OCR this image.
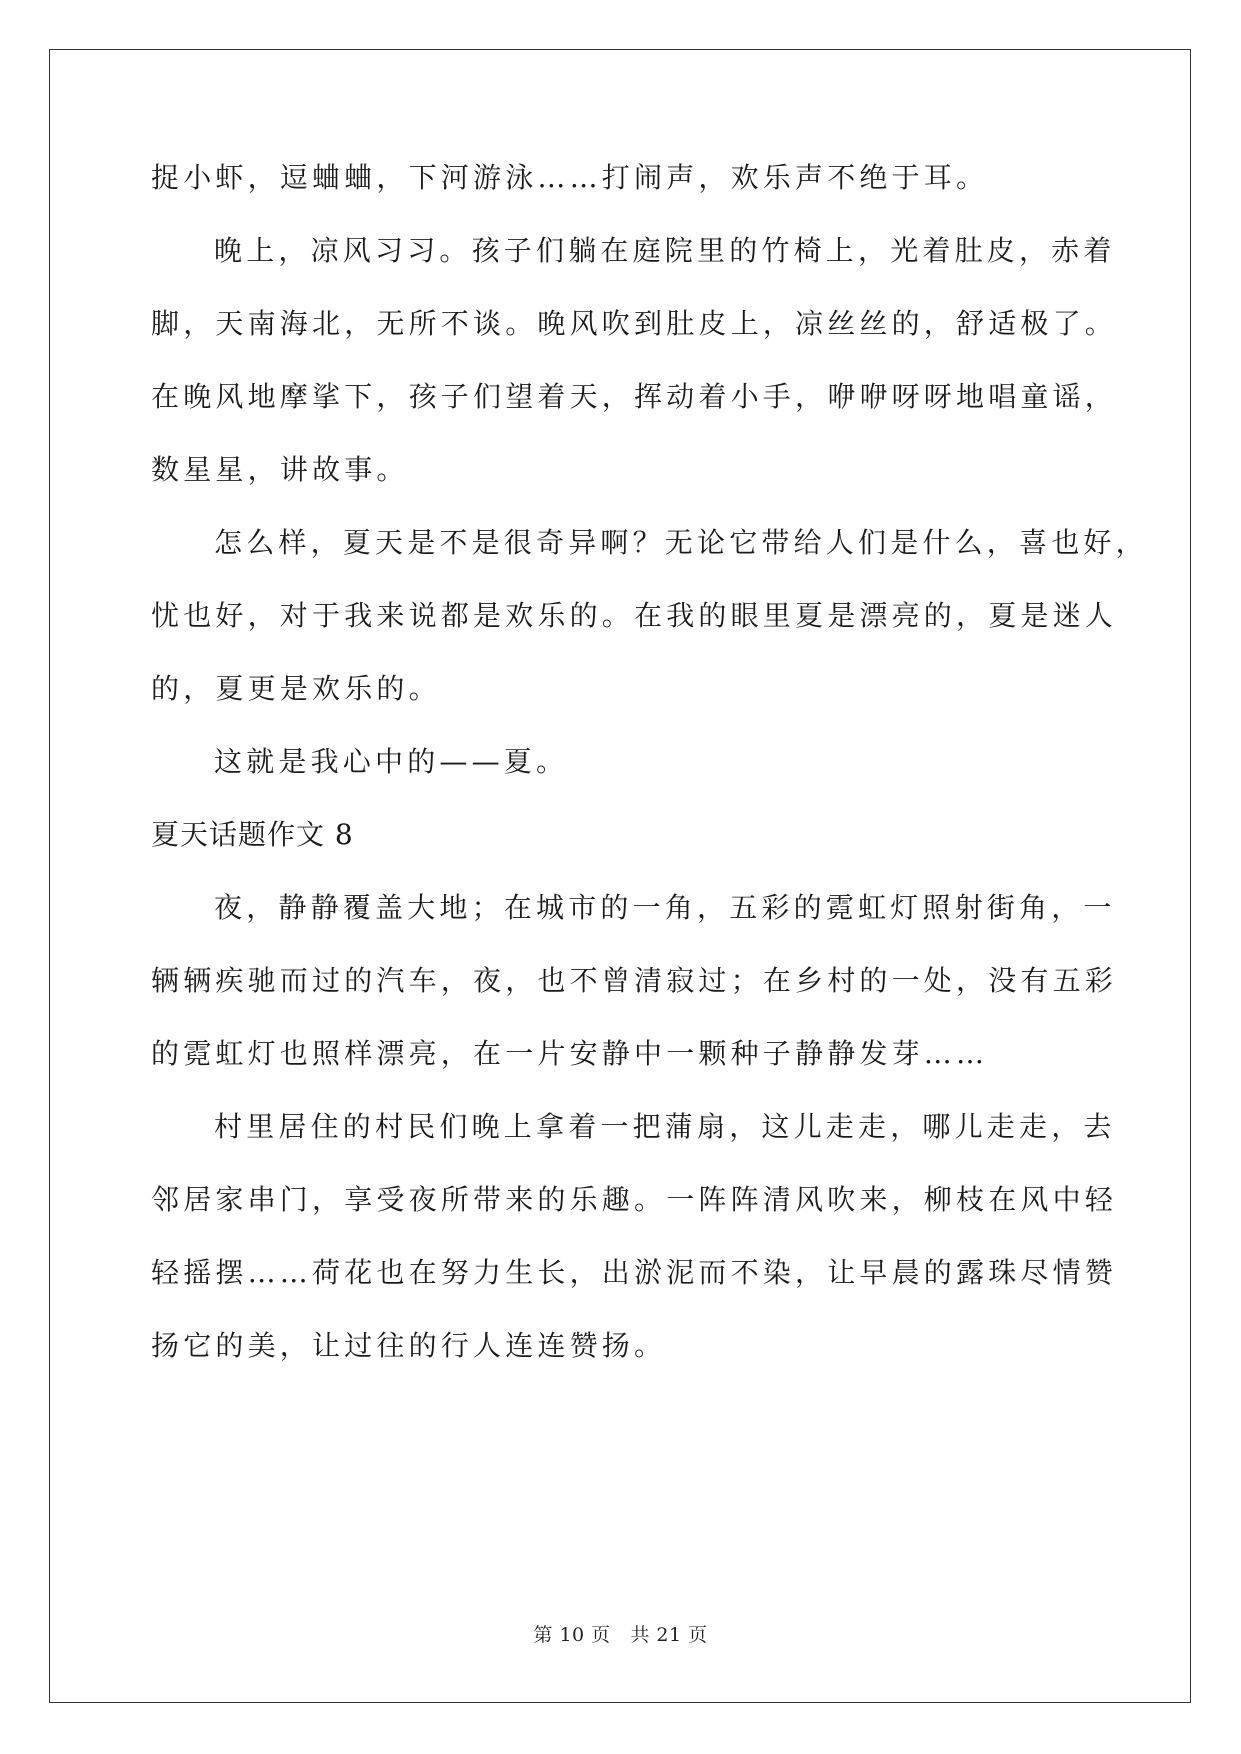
捉小虾，逗蛐蛐，下河游泳……打闹声，欢乐声不绝于耳。
晚上，凉风习习。孩子们躺在庭院里的竹椅上，光着肚皮，赤着
脚，天南海北，无所不谈。晚风吹到肚皮上，凉丝丝的，舒适极了。
在晚风地摩挲下，孩子们望着天，挥动着小手，咿咿呀呀地唱童谣，
数星星，讲故事。
怎么样，夏天是不是很奇异啊？无论它带给人们是什么，喜也好，
忧也好，对于我来说都是欢乐的。在我的眼里夏是漂亮的，夏是迷人
的，夏更是欢乐的。
这就是我心中的——夏。
夏天话题作文 8
夜，静静覆盖大地；在城市的一角，五彩的霓虹灯照射街角，一
辆辆疾驰而过的汽车，夜，也不曾清寂过；在乡村的一处，没有五彩
的霓虹灯也照样漂亮，在一片安静中一颗种子静静发芽……
村里居住的村民们晚上拿着一把蒲扇，这儿走走，哪儿走走，去
邻居家串门，享受夜所带来的乐趣。一阵阵清风吹来，柳枝在风中轻
轻摇摆……荷花也在努力生长，出淤泥而不染，让早晨的露珠尽情赞
扬它的美，让过往的行人连连赞扬。
第 10 页 共 21 页
